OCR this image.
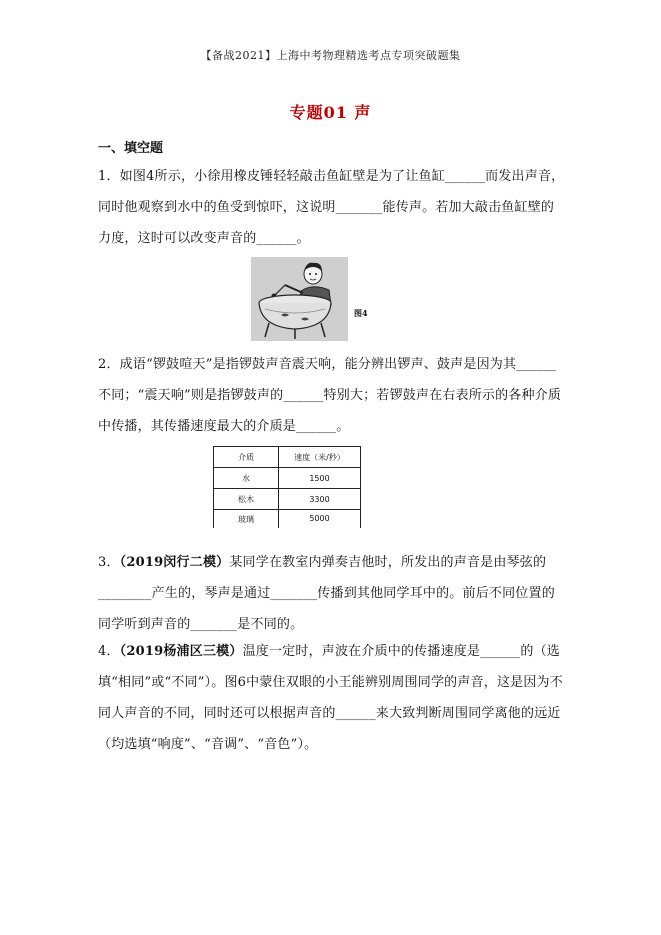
【备战2021】上海中考物理精选考点专项突破题集
专题01 声
一、填空题
1．如图4所示，小徐用橡皮锤轻轻敲击鱼缸壁是为了让鱼缸______而发出声音，同时他观察到水中的鱼受到惊吓，这说明_______能传声。若加大敲击鱼缸壁的力度，这时可以改变声音的______。
图4
2．成语“锣鼓喧天”是指锣鼓声音震天响，能分辨出锣声、鼓声是因为其______不同；“震天响”则是指锣鼓声的______特别大；若锣鼓声在右表所示的各种介质中传播，其传播速度最大的介质是______。
介质	速度（米/秒）
水	1500
松木	3300
玻璃	5000
3．（2019闵行二模）某同学在教室内弹奏吉他时，所发出的声音是由琴弦的________产生的，琴声是通过_______传播到其他同学耳中的。前后不同位置的同学听到声音的_______是不同的。
4．（2019杨浦区三模）温度一定时，声波在介质中的传播速度是______的（选填“相同”或“不同”）。图6中蒙住双眼的小王能辨别周围同学的声音，这是因为不同人声音的不同，同时还可以根据声音的______来大致判断周围同学离他的远近（均选填“响度”、“音调”、“音色”）。
